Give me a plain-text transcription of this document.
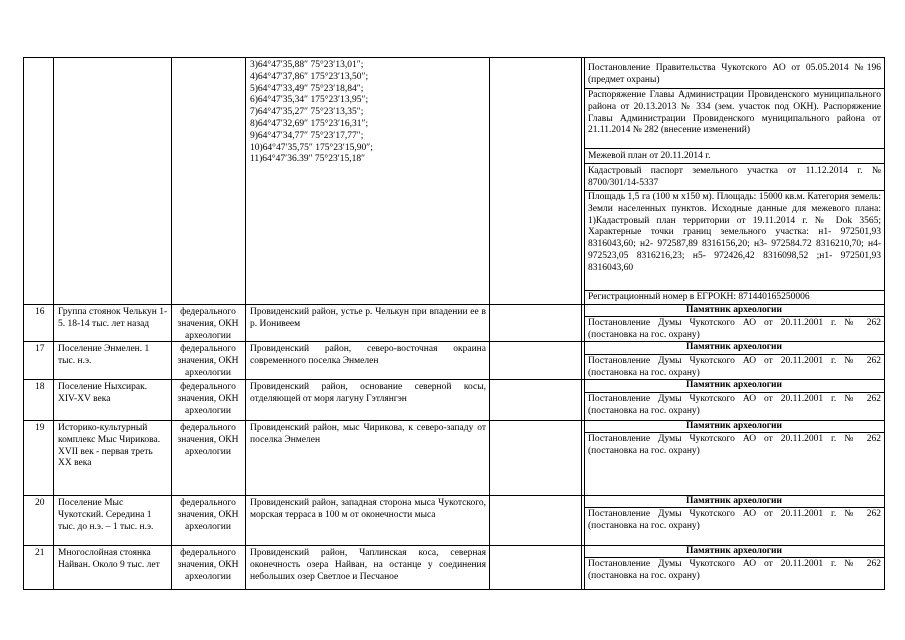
3)64°47′35,88″ 75°23′13,01″;
4)64°47′37,86″ 175°23′13,50″;
5)64°47′33,49″ 75°23′18,84″;
6)64°47′35,34″ 175°23′13,95″;
7)64°47′35,27″ 75°23′13,35″;
8)64°47′32,69″ 175°23′16,31″;
9)64°47′34,77″ 75°23′17,77″;
10)64°47′35,75″ 175°23′15,90″;
11)64°47′36.39″ 75°23′15,18″
Постановление Правительства Чукотского АО от 05.05.2014 №196 (предмет охраны)
Распоряжение Главы Администрации Провиденского муниципального района от 20.13.2013 № 334 (зем. участок под ОКН). Распоряжение Главы Администрации Провиденского муниципального района от 21.11.2014 № 282 (внесение изменений)
Межевой план от 20.11.2014 г.
Кадастровый паспорт земельного участка от 11.12.2014 г. № 8700/301/14-5337
Площадь 1,5 га (100 м х150 м). Площадь: 15000 кв.м. Категория земель: Земли населенных пунктов. Исходные данные для межевого плана: 1)Кадастровый план территории от 19.11.2014 г. № Dok 3565; Характерные точки границ земельного участка: н1- 972501,93 8316043,60; н2- 972587,89 8316156,20; н3- 972584.72 8316210,70; н4- 972523,05 8316216,23; н5- 972426,42 8316098,52 ;н1- 972501,93 8316043,60
Регистрационный номер в ЕГРОКН: 871440165250006
16 Группа стоянок Челькун 1-5. 18-14 тыс. лет назад
федерального значения, ОКН археологии
Провиденский район, устье р. Челькун при впадении ее в р. Ионивеем
Памятник археологии
Постановление Думы Чукотского АО от 20.11.2001 г. № 262 (постановка на гос. охрану)
17 Поселение Энмелен. 1 тыс. н.э.
федерального значения, ОКН археологии
Провиденский район, северо-восточная окраина современного поселка Энмелен
Памятник археологии
Постановление Думы Чукотского АО от 20.11.2001 г. № 262 (постановка на гос. охрану)
18 Поселение Ныхсирак. XIV-XV века
федерального значения, ОКН археологии
Провиденский район, основание северной косы, отделяющей от моря лагуну Гэтлянгэн
Памятник археологии
Постановление Думы Чукотского АО от 20.11.2001 г. № 262 (постановка на гос. охрану)
19 Историко-культурный комплекс Мыс Чирикова. XVII век - первая треть XX века
федерального значения, ОКН археологии
Провиденский район, мыс Чирикова, к северо-западу от поселка Энмелен
Памятник археологии
Постановление Думы Чукотского АО от 20.11.2001 г. № 262 (постановка на гос. охрану)
20 Поселение Мыс Чукотский. Середина 1 тыс. до н.э. – 1 тыс. н.э.
федерального значения, ОКН археологии
Провиденский район, западная сторона мыса Чукотского, морская терраса в 100 м от оконечности мыса
Памятник археологии
Постановление Думы Чукотского АО от 20.11.2001 г. № 262 (постановка на гос. охрану)
21 Многослойная стоянка Найван. Около 9 тыс. лет
федерального значения, ОКН археологии
Провиденский район, Чаплинская коса, северная оконечность озера Найван, на останце у соединения небольших озер Светлое и Песчаное
Памятник археологии
Постановление Думы Чукотского АО от 20.11.2001 г. № 262 (постановка на гос. охрану)
